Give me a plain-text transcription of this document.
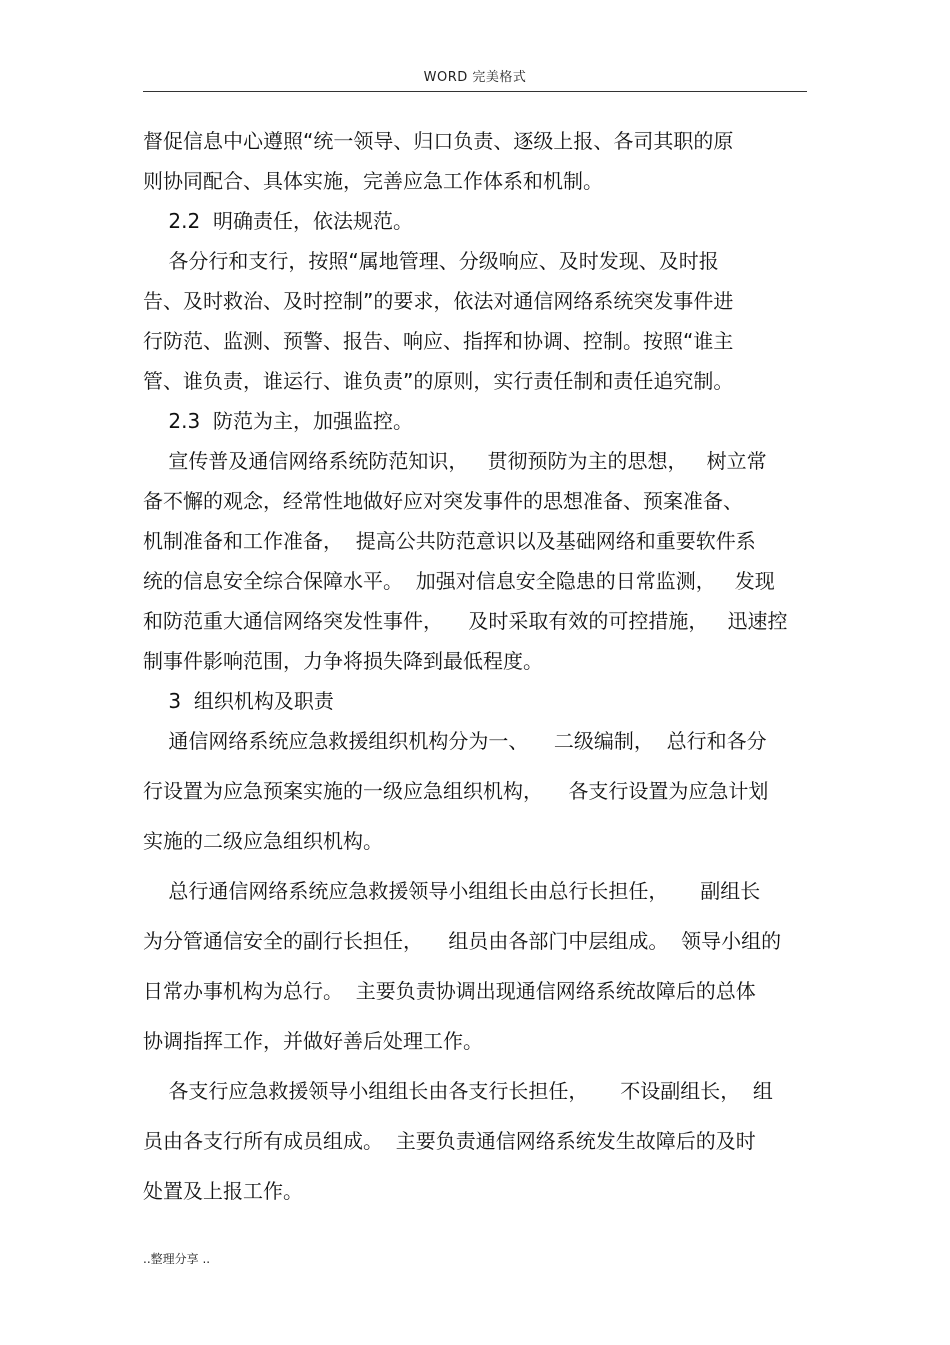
WORD 完美格式
督促信息中心遵照“统一领导、归口负责、逐级上报、各司其职的原
则协同配合、具体实施，完善应急工作体系和机制。
2.2  明确责任，依法规范。
各分行和支行，按照“属地管理、分级响应、及时发现、及时报
告、及时救治、及时控制”的要求，依法对通信网络系统突发事件进
行防范、监测、预警、报告、响应、指挥和协调、控制。按照“谁主
管、谁负责，谁运行、谁负责”的原则，实行责任制和责任追究制。
2.3  防范为主，加强监控。
宣传普及通信网络系统防范知识，   贯彻预防为主的思想，   树立常
备不懈的观念，经常性地做好应对突发事件的思想准备、预案准备、
机制准备和工作准备，  提高公共防范意识以及基础网络和重要软件系
统的信息安全综合保障水平。  加强对信息安全隐患的日常监测，   发现
和防范重大通信网络突发性事件，    及时采取有效的可控措施，   迅速控
制事件影响范围，力争将损失降到最低程度。
3  组织机构及职责
通信网络系统应急救援组织机构分为一、    二级编制，  总行和各分
行设置为应急预案实施的一级应急组织机构，    各支行设置为应急计划
实施的二级应急组织机构。
总行通信网络系统应急救援领导小组组长由总行长担任，     副组长
为分管通信安全的副行长担任，    组员由各部门中层组成。  领导小组的
日常办事机构为总行。  主要负责协调出现通信网络系统故障后的总体
协调指挥工作，并做好善后处理工作。
各支行应急救援领导小组组长由各支行长担任，     不设副组长，  组
员由各支行所有成员组成。  主要负责通信网络系统发生故障后的及时
处置及上报工作。
..整理分享 ..
